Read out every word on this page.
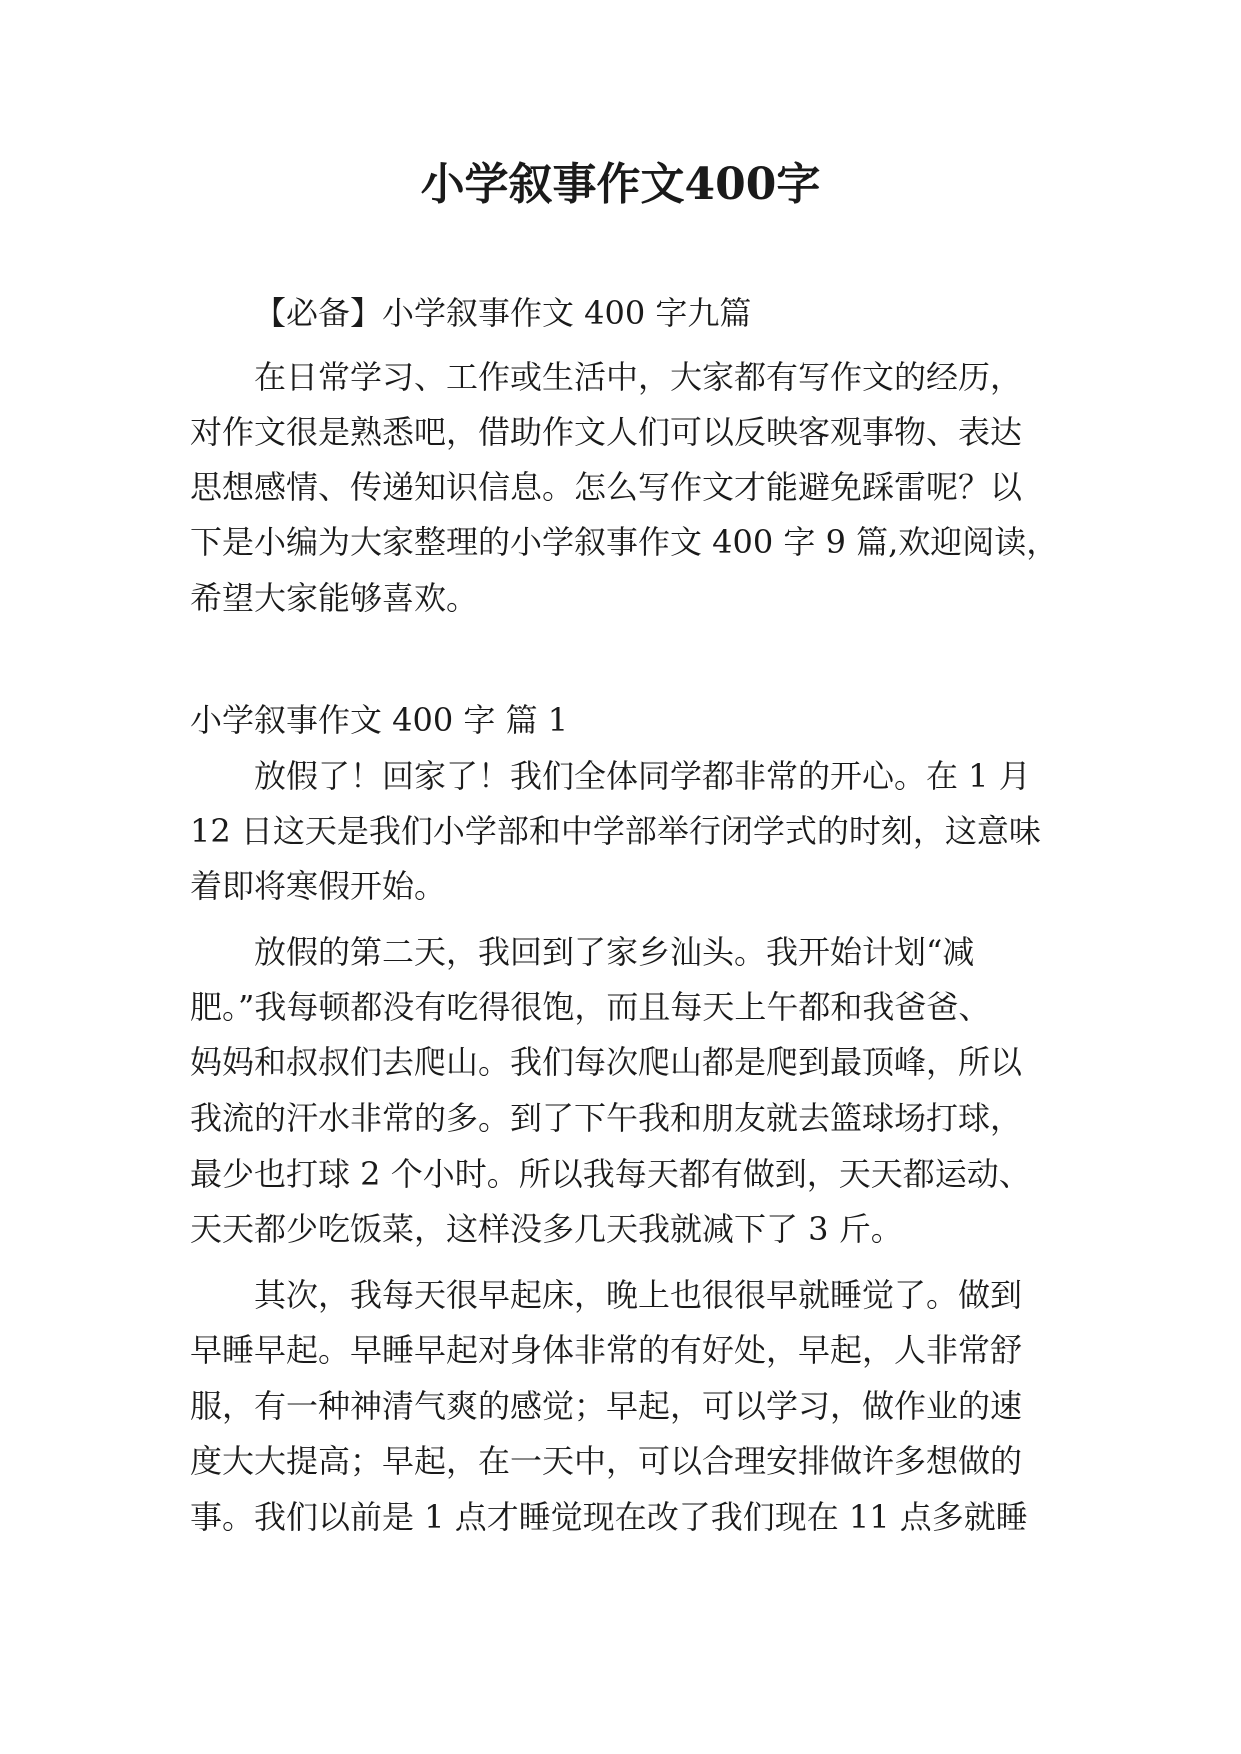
小学叙事作文400字

【必备】小学叙事作文 400 字九篇

在日常学习、工作或生活中，大家都有写作文的经历，

对作文很是熟悉吧，借助作文人们可以反映客观事物、表达

思想感情、传递知识信息。怎么写作文才能避免踩雷呢？以

下是小编为大家整理的小学叙事作文 400 字 9 篇,欢迎阅读，

希望大家能够喜欢。

小学叙事作文 400 字 篇 1

放假了！回家了！我们全体同学都非常的开心。在 1 月

12 日这天是我们小学部和中学部举行闭学式的时刻，这意味

着即将寒假开始。

放假的第二天，我回到了家乡汕头。我开始计划“减

肥。”我每顿都没有吃得很饱，而且每天上午都和我爸爸、

妈妈和叔叔们去爬山。我们每次爬山都是爬到最顶峰，所以

我流的汗水非常的多。到了下午我和朋友就去篮球场打球，

最少也打球 2 个小时。所以我每天都有做到，天天都运动、

天天都少吃饭菜，这样没多几天我就减下了 3 斤。

其次，我每天很早起床，晚上也很很早就睡觉了。做到

早睡早起。早睡早起对身体非常的有好处，早起，人非常舒

服，有一种神清气爽的感觉；早起，可以学习，做作业的速

度大大提高；早起，在一天中，可以合理安排做许多想做的

事。我们以前是 1 点才睡觉现在改了我们现在 11 点多就睡
